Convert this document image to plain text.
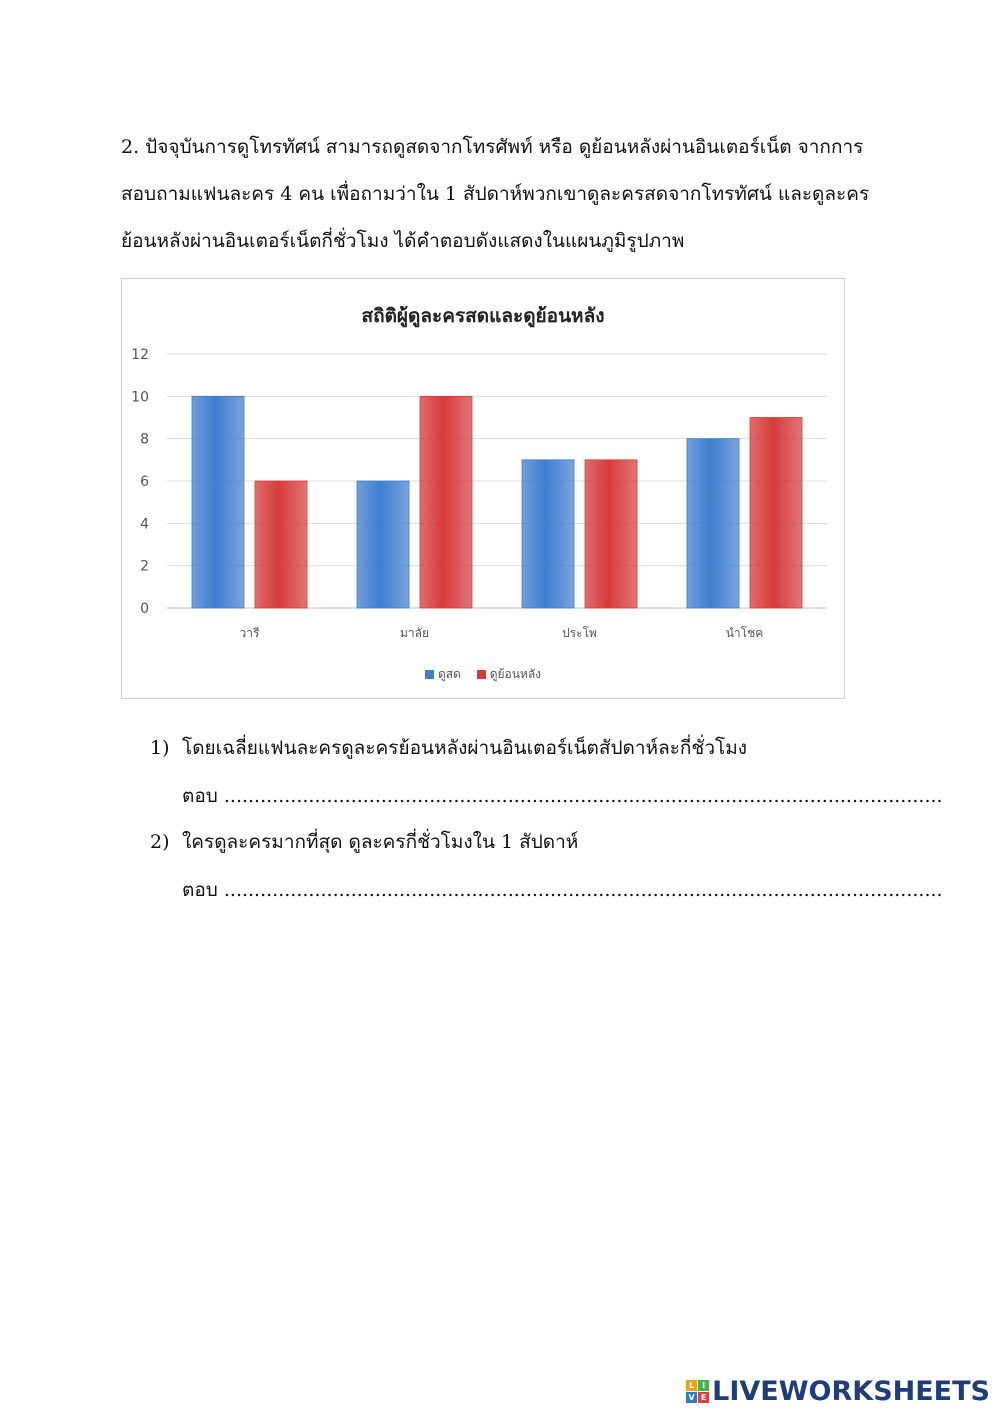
2. ปัจจุบันการดูโทรทัศน์ สามารถดูสดจากโทรศัพท์ หรือ ดูย้อนหลังผ่านอินเตอร์เน็ต จากการ
สอบถามแฟนละคร 4 คน เพื่อถามว่าใน 1 สัปดาห์พวกเขาดูละครสดจากโทรทัศน์ และดูละคร
ย้อนหลังผ่านอินเตอร์เน็ตกี่ชั่วโมง ได้คำตอบดังแสดงในแผนภูมิรูปภาพ

0
2
4
6
8
10
12
วารี	มาลัย	ประโพ	นำโชค
สถิติผู้ดูละครสดและดูย้อนหลัง
ดูสด ดูย้อนหลัง
1) โดยเฉลี่ยแฟนละครดูละครย้อนหลังผ่านอินเตอร์เน็ตสัปดาห์ละกี่ชั่วโมง
ตอบ .......................................................................................................................
2) ใครดูละครมากที่สุด ดูละครกี่ชั่วโมงใน 1 สัปดาห์
ตอบ .......................................................................................................................
L I
V E LIVEWORKSHEETS
